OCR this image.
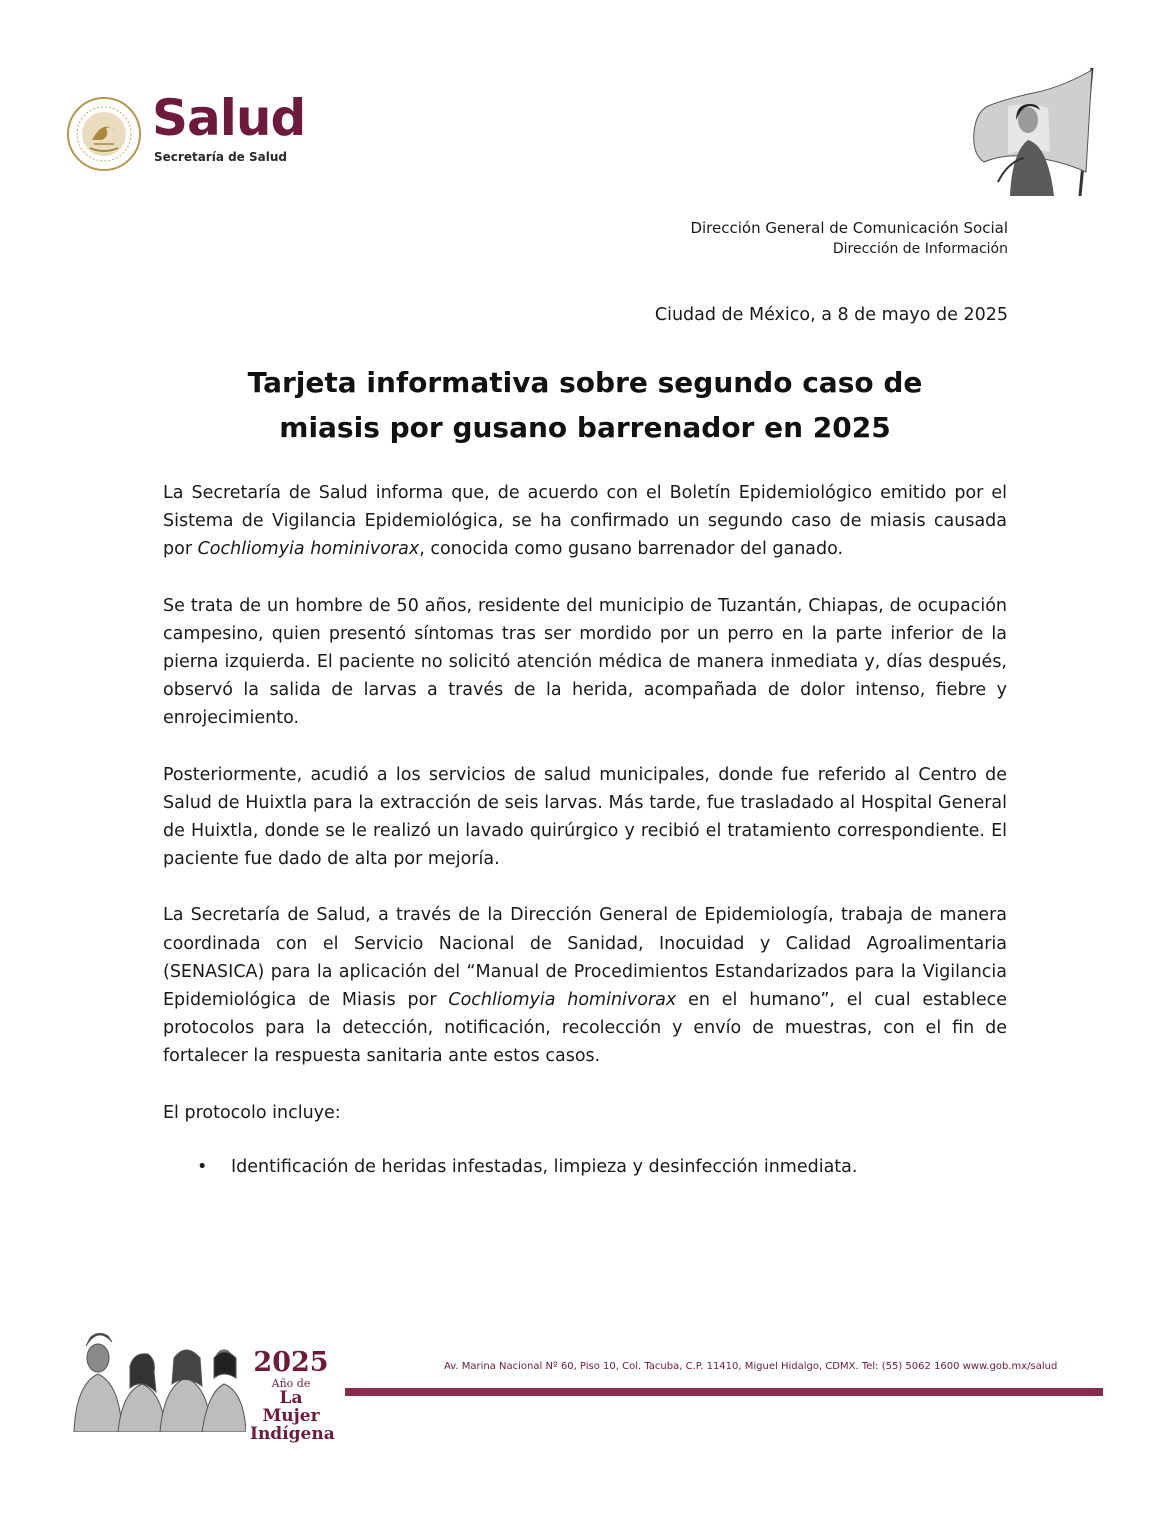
Salud
Secretaría de Salud
Dirección General de Comunicación Social
Dirección de Información
Ciudad de México, a 8 de mayo de 2025
Tarjeta informativa sobre segundo caso de
miasis por gusano barrenador en 2025

La Secretaría de Salud informa que, de acuerdo con el Boletín Epidemiológico emitido por el Sistema de Vigilancia Epidemiológica, se ha confirmado un segundo caso de miasis causada por Cochliomyia hominivorax, conocida como gusano barrenador del ganado.

Se trata de un hombre de 50 años, residente del municipio de Tuzantán, Chiapas, de ocupación campesino, quien presentó síntomas tras ser mordido por un perro en la parte inferior de la pierna izquierda. El paciente no solicitó atención médica de manera inmediata y, días después, observó la salida de larvas a través de la herida, acompañada de dolor intenso, fiebre y enrojecimiento.

Posteriormente, acudió a los servicios de salud municipales, donde fue referido al Centro de Salud de Huixtla para la extracción de seis larvas. Más tarde, fue trasladado al Hospital General de Huixtla, donde se le realizó un lavado quirúrgico y recibió el tratamiento correspondiente. El paciente fue dado de alta por mejoría.

La Secretaría de Salud, a través de la Dirección General de Epidemiología, trabaja de manera coordinada con el Servicio Nacional de Sanidad, Inocuidad y Calidad Agroalimentaria (SENASICA) para la aplicación del “Manual de Procedimientos Estandarizados para la Vigilancia Epidemiológica de Miasis por Cochliomyia hominivorax en el humano”, el cual establece protocolos para la detección, notificación, recolección y envío de muestras, con el fin de fortalecer la respuesta sanitaria ante estos casos.

El protocolo incluye:

• Identificación de heridas infestadas, limpieza y desinfección inmediata.
2025
Año de
La Mujer
Indígena
Av. Marina Nacional Nº 60, Piso 10, Col. Tacuba, C.P. 11410, Miguel Hidalgo, CDMX. Tel: (55) 5062 1600 www.gob.mx/salud
